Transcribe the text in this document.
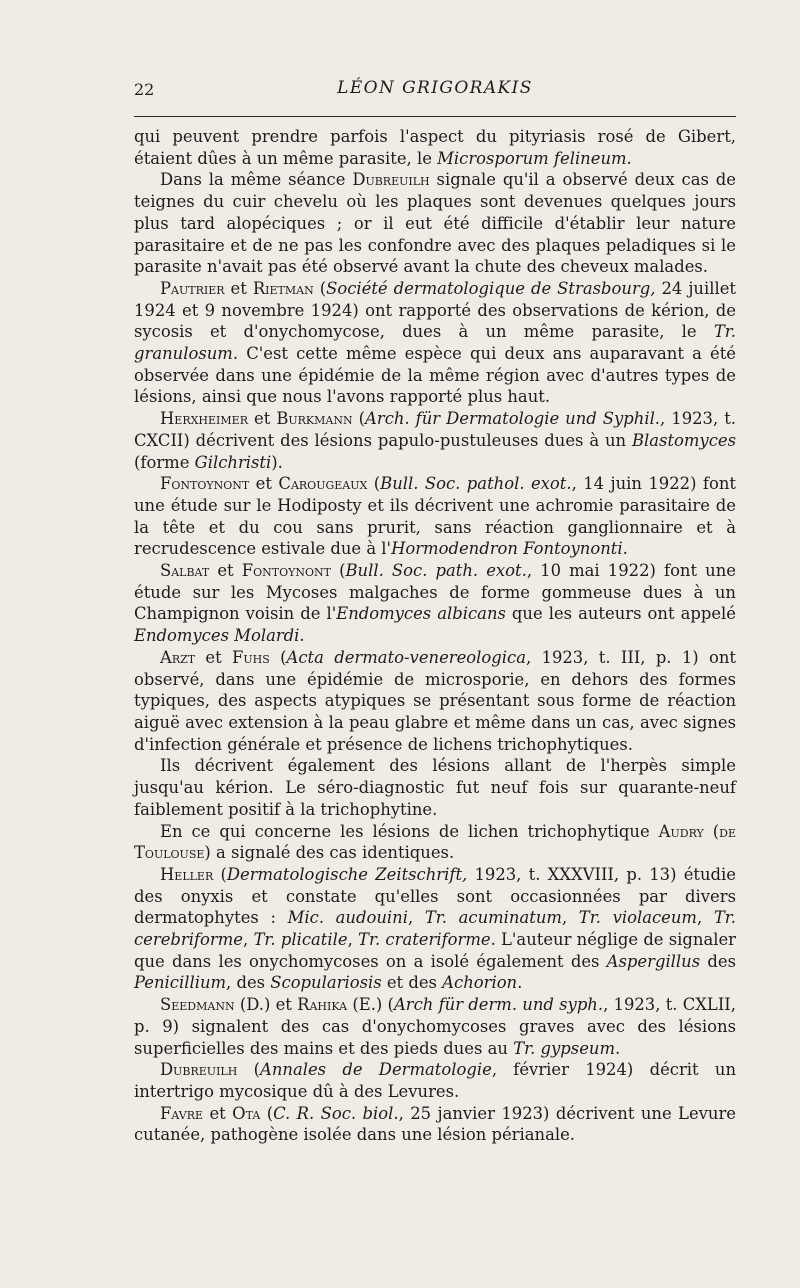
22	LÉON GRIGORAKIS

qui peuvent prendre parfois l'aspect du pityriasis rosé de Gibert, étaient dûes à un même parasite, le Microsporum felineum.

Dans la même séance Dubreuilh signale qu'il a observé deux cas de teignes du cuir chevelu où les plaques sont devenues quelques jours plus tard alopéciques ; or il eut été difficile d'établir leur nature parasitaire et de ne pas les confondre avec des plaques peladiques si le parasite n'avait pas été observé avant la chute des cheveux malades.

Pautrier et Rietman (Société dermatologique de Strasbourg, 24 juillet 1924 et 9 novembre 1924) ont rapporté des observations de kérion, de sycosis et d'onychomycose, dues à un même parasite, le Tr. granulosum. C'est cette même espèce qui deux ans auparavant a été observée dans une épidémie de la même région avec d'autres types de lésions, ainsi que nous l'avons rapporté plus haut.

Herxheimer et Burkmann (Arch. für Dermatologie und Syphil., 1923, t. CXCII) décrivent des lésions papulo-pustuleuses dues à un Blastomyces (forme Gilchristi).

Fontoynont et Carougeaux (Bull. Soc. pathol. exot., 14 juin 1922) font une étude sur le Hodiposty et ils décrivent une achromie parasitaire de la tête et du cou sans prurit, sans réaction ganglionnaire et à recrudescence estivale due à l'Hormodendron Fontoynonti.

Salbat et Fontoynont (Bull. Soc. path. exot., 10 mai 1922) font une étude sur les Mycoses malgaches de forme gommeuse dues à un Champignon voisin de l'Endomyces albicans que les auteurs ont appelé Endomyces Molardi.

Arzt et Fuhs (Acta dermato-venereologica, 1923, t. III, p. 1) ont observé, dans une épidémie de microsporie, en dehors des formes typiques, des aspects atypiques se présentant sous forme de réaction aiguë avec extension à la peau glabre et même dans un cas, avec signes d'infection générale et présence de lichens trichophytiques.

Ils décrivent également des lésions allant de l'herpès simple jusqu'au kérion. Le séro-diagnostic fut neuf fois sur quarante-neuf faiblement positif à la trichophytine.

En ce qui concerne les lésions de lichen trichophytique Audry (de Toulouse) a signalé des cas identiques.

Heller (Dermatologische Zeitschrift, 1923, t. XXXVIII, p. 13) étudie des onyxis et constate qu'elles sont occasionnées par divers dermatophytes : Mic. audouini, Tr. acuminatum, Tr. violaceum, Tr. cerebriforme, Tr. plicatile, Tr. crateriforme. L'auteur néglige de signaler que dans les onychomycoses on a isolé également des Aspergillus des Penicillium, des Scopulariosis et des Achorion.

Seedmann (D.) et Rahika (E.) (Arch für derm. und syph., 1923, t. CXLII, p. 9) signalent des cas d'onychomycoses graves avec des lésions superficielles des mains et des pieds dues au Tr. gypseum.

Dubreuilh (Annales de Dermatologie, février 1924) décrit un intertrigo mycosique dû à des Levures.

Favre et Ota (C. R. Soc. biol., 25 janvier 1923) décrivent une Levure cutanée, pathogène isolée dans une lésion périanale.
